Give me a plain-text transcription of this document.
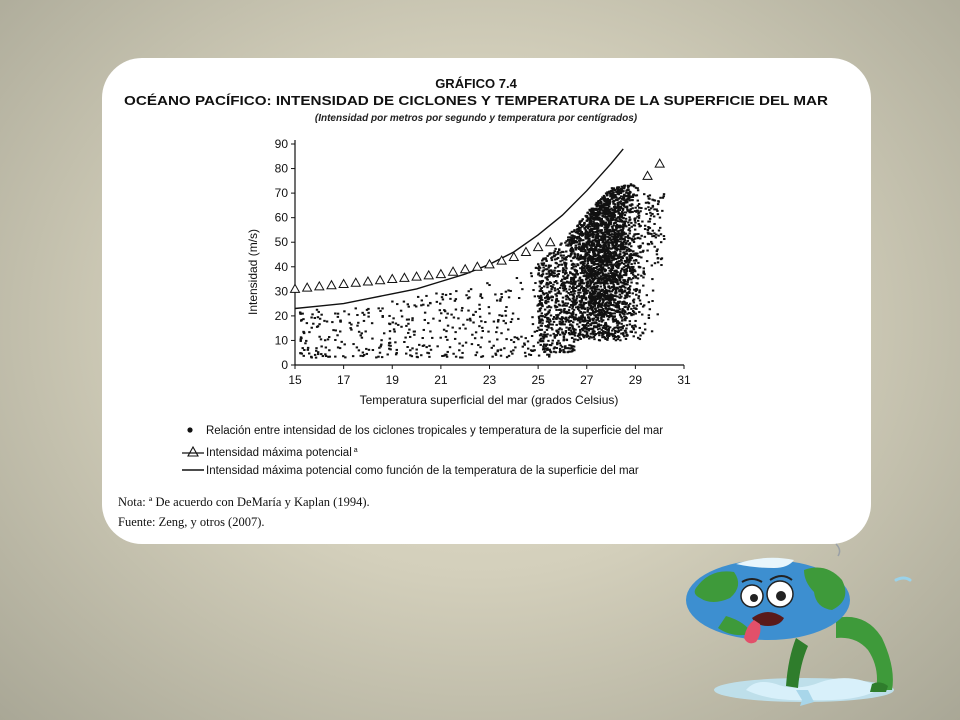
GRÁFICO 7.4
OCÉANO PACÍFICO: INTENSIDAD DE CICLONES Y TEMPERATURA DE LA SUPERFICIE DEL MAR
(Intensidad por metros por segundo y temperatura por centígrados)
0
10
20
30
40
50
60
70
80
90
15	17	19	21	23	25	27	29	31
Temperatura superficial del mar (grados Celsius)
Intensidad (m/s)
Relación entre intensidad de los ciclones tropicales y temperatura de la superficie del mar
Intensidad máxima potencial $^a$
Intensidad máxima potencial como función de la temperatura de la superficie del mar
Nota: ª De acuerdo con DeMaría y Kaplan (1994).
Fuente: Zeng, y otros (2007).
